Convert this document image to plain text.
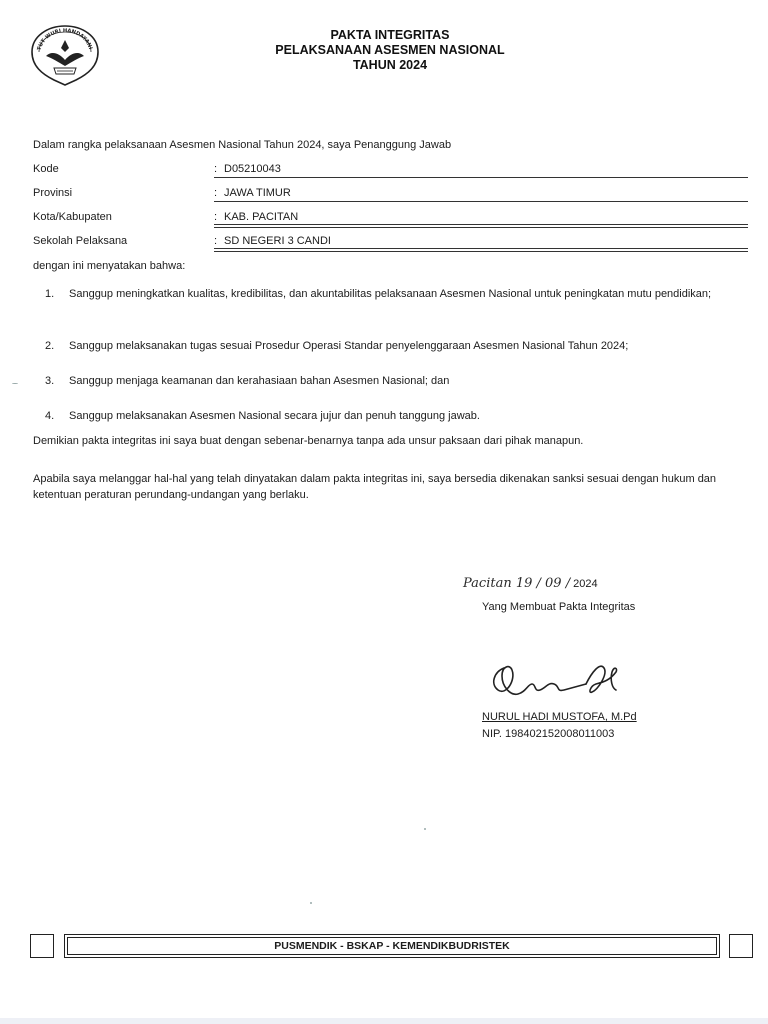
TUT WURI HANDAYANI
PAKTA INTEGRITAS
PELAKSANAAN ASESMEN NASIONAL
TAHUN 2024
Dalam rangka pelaksanaan Asesmen Nasional Tahun 2024, saya Penanggung Jawab
Kode	: D05210043
Provinsi	: JAWA TIMUR
Kota/Kabupaten	: KAB. PACITAN
Sekolah Pelaksana	: SD NEGERI 3 CANDI
dengan ini menyatakan bahwa:
1. Sanggup meningkatkan kualitas, kredibilitas, dan akuntabilitas pelaksanaan Asesmen Nasional untuk peningkatan mutu pendidikan;
2. Sanggup melaksanakan tugas sesuai Prosedur Operasi Standar penyelenggaraan Asesmen Nasional Tahun 2024;
3. Sanggup menjaga keamanan dan kerahasiaan bahan Asesmen Nasional; dan
4. Sanggup melaksanakan Asesmen Nasional secara jujur dan penuh tanggung jawab.
Demikian pakta integritas ini saya buat dengan sebenar-benarnya tanpa ada unsur paksaan dari pihak manapun.
Apabila saya melanggar hal-hal yang telah dinyatakan dalam pakta integritas ini, saya bersedia dikenakan sanksi sesuai dengan hukum dan ketentuan peraturan perundang-undangan yang berlaku.
Pacitan 19 / 09 / 2024
Yang Membuat Pakta Integritas
NURUL HADI MUSTOFA, M.Pd
NIP. 198402152008011003
PUSMENDIK - BSKAP - KEMENDIKBUDRISTEK
